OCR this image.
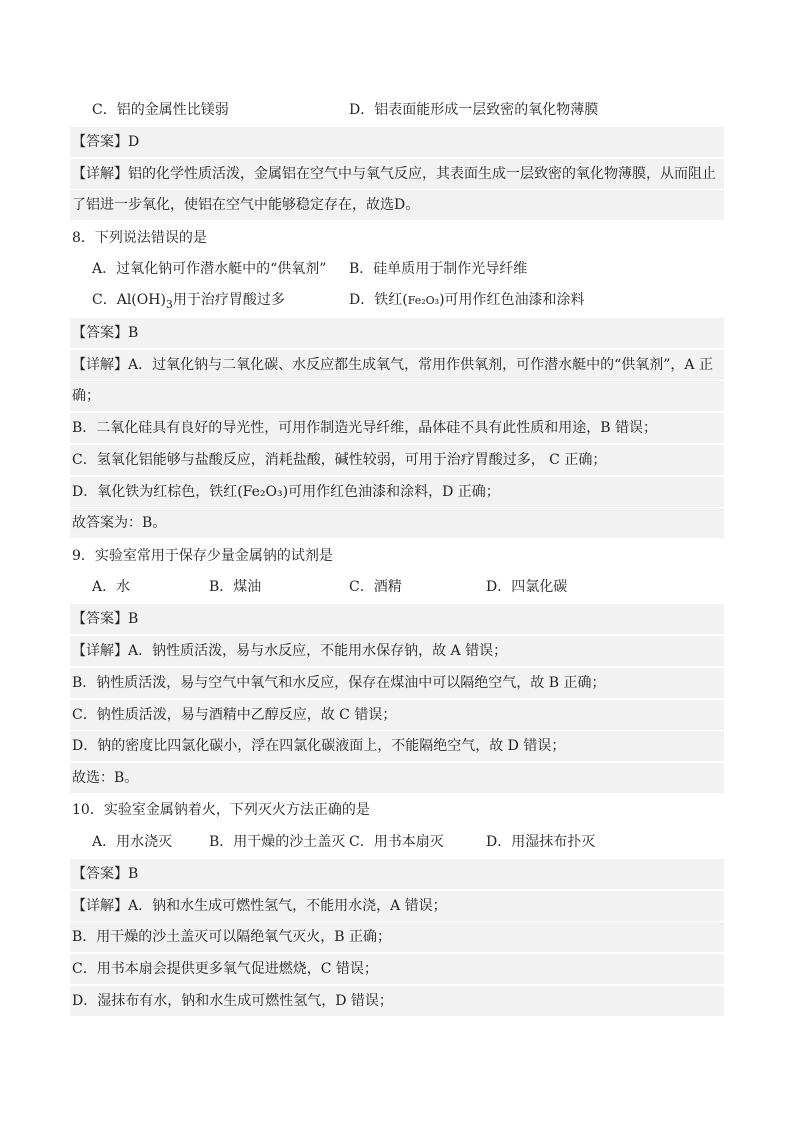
C．铝的金属性比镁弱	D．铝表面能形成一层致密的氧化物薄膜
【答案】D
【详解】铝的化学性质活泼，金属铝在空气中与氧气反应，其表面生成一层致密的氧化物薄膜，从而阻止
了铝进一步氧化，使铝在空气中能够稳定存在，故选D。
8．下列说法错误的是
A．过氧化钠可作潜水艇中的“供氧剂” B．硅单质用于制作光导纤维
C．$Al(OH)_3$用于治疗胃酸过多	D．铁红(Fe₂O₃)可用作红色油漆和涂料
【答案】B
【详解】A．过氧化钠与二氧化碳、水反应都生成氧气，常用作供氧剂，可作潜水艇中的“供氧剂”，A 正
确；
B．二氧化硅具有良好的导光性，可用作制造光导纤维，晶体硅不具有此性质和用途，B 错误；
C．氢氧化铝能够与盐酸反应，消耗盐酸，碱性较弱，可用于治疗胃酸过多， C 正确；
D．氧化铁为红棕色，铁红(Fe₂O₃)可用作红色油漆和涂料，D 正确；
故答案为：B。
9．实验室常用于保存少量金属钠的试剂是
A．水	B．煤油	C．酒精	D．四氯化碳
【答案】B
【详解】A．钠性质活泼，易与水反应，不能用水保存钠，故 A 错误；
B．钠性质活泼，易与空气中氧气和水反应，保存在煤油中可以隔绝空气，故 B 正确；
C．钠性质活泼，易与酒精中乙醇反应，故 C 错误；
D．钠的密度比四氯化碳小，浮在四氯化碳液面上，不能隔绝空气，故 D 错误；
故选：B。
10．实验室金属钠着火，下列灭火方法正确的是
A．用水浇灭	B．用干燥的沙土盖灭 C．用书本扇灭	D．用湿抹布扑灭
【答案】B
【详解】A．钠和水生成可燃性氢气，不能用水浇，A 错误；
B．用干燥的沙土盖灭可以隔绝氧气灭火，B 正确；
C．用书本扇会提供更多氧气促进燃烧，C 错误；
D．湿抹布有水，钠和水生成可燃性氢气，D 错误；
